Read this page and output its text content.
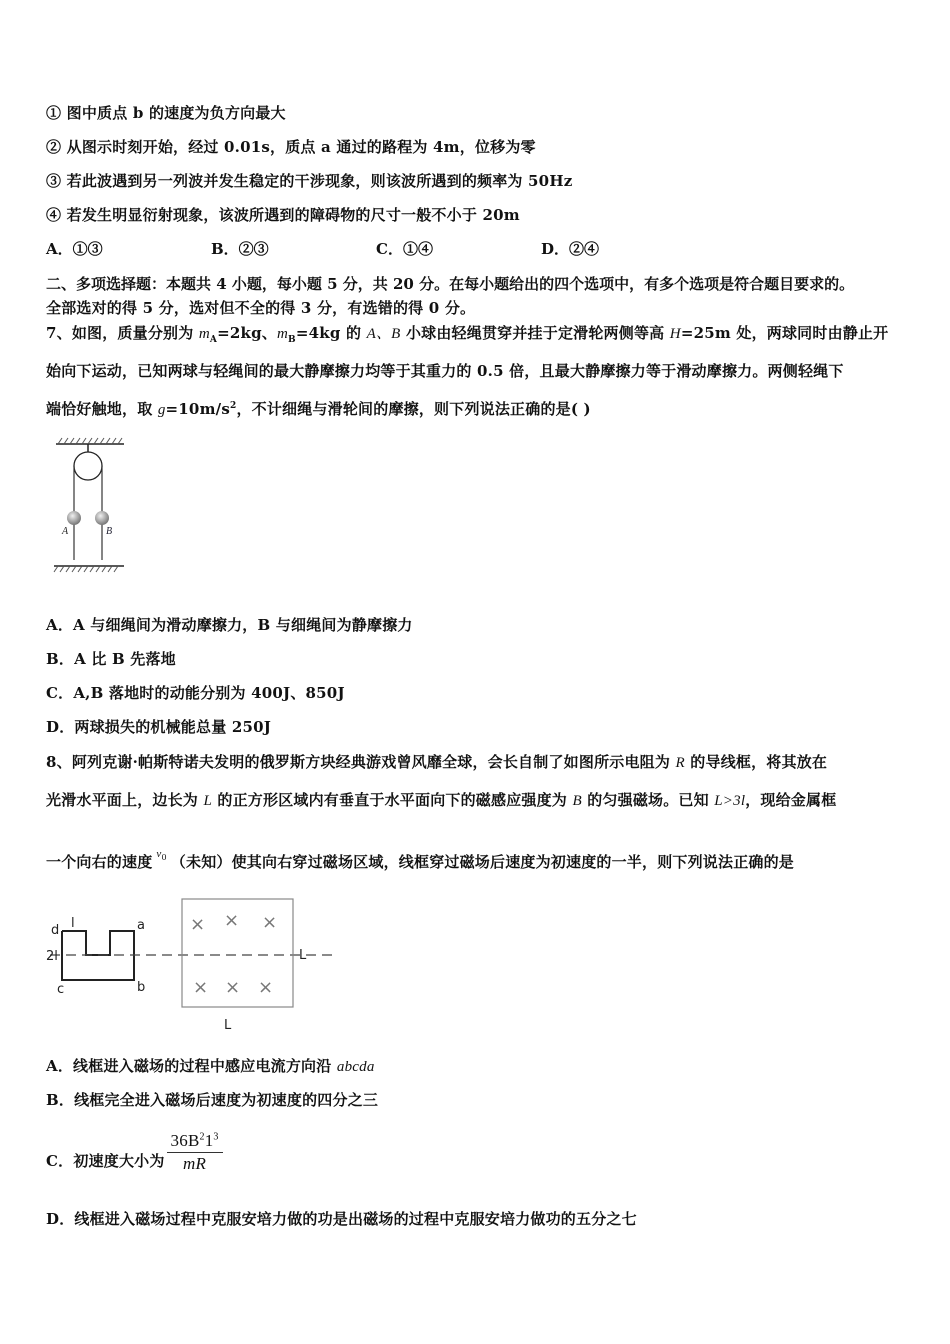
① 图中质点 b 的速度为负方向最大
② 从图示时刻开始，经过 0.01s，质点 a 通过的路程为 4m，位移为零
③ 若此波遇到另一列波并发生稳定的干涉现象，则该波所遇到的频率为 50Hz
④ 若发生明显衍射现象，该波所遇到的障碍物的尺寸一般不小于 20m
A．①③	B．②③	C．①④	D．②④
二、多项选择题：本题共 4 小题，每小题 5 分，共 20 分。在每小题给出的四个选项中，有多个选项是符合题目要求的。
全部选对的得 5 分，选对但不全的得 3 分，有选错的得 0 分。
7、如图，质量分别为 $m_A=2kg$、$m_B=4kg$ 的 A、B 小球由轻绳贯穿并挂于定滑轮两侧等高 H=25m 处，两球同时由静止开
始向下运动，已知两球与轻绳间的最大静摩擦力均等于其重力的 0.5 倍，且最大静摩擦力等于滑动摩擦力。两侧轻绳下
端恰好触地，取 $g=10m/s^2$，不计细绳与滑轮间的摩擦，则下列说法正确的是( )
A	B
A．A 与细绳间为滑动摩擦力，B 与细绳间为静摩擦力
B．A 比 B 先落地
C．A,B 落地时的动能分别为 400J、850J
D．两球损失的机械能总量 250J
8、阿列克谢·帕斯特诺夫发明的俄罗斯方块经典游戏曾风靡全球，会长自制了如图所示电阻为 R 的导线框，将其放在
光滑水平面上，边长为 L 的正方形区域内有垂直于水平面向下的磁感应强度为 B 的匀强磁场。已知 L>3l，现给金属框
一个向右的速度 $^{v_0}$ （未知）使其向右穿过磁场区域，线框穿过磁场后速度为初速度的一半，则下列说法正确的是
× × ×
× × ×
d l	a
2l
c	b
L
L
A．线框进入磁场的过程中感应电流方向沿 abcda
B．线框完全进入磁场后速度为初速度的四分之三
C．初速度大小为 $\frac{36B^21^3}{mR}$
D．线框进入磁场过程中克服安培力做的功是出磁场的过程中克服安培力做功的五分之七
